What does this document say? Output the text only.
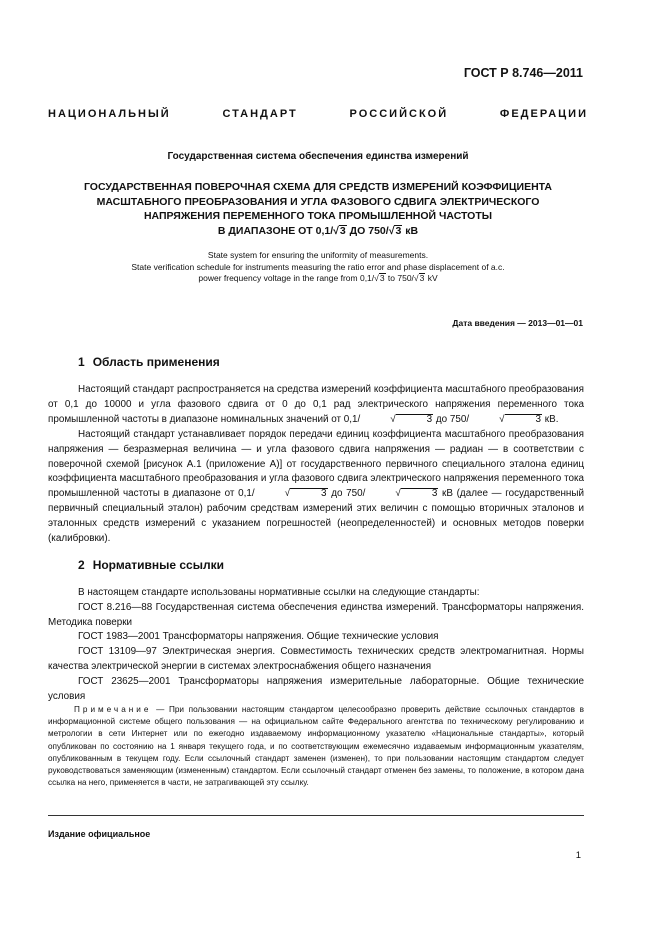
ГОСТ Р 8.746—2011
НАЦИОНАЛЬНЫЙ СТАНДАРТ РОССИЙСКОЙ ФЕДЕРАЦИИ
Государственная система обеспечения единства измерений
ГОСУДАРСТВЕННАЯ ПОВЕРОЧНАЯ СХЕМА ДЛЯ СРЕДСТВ ИЗМЕРЕНИЙ КОЭФФИЦИЕНТА
МАСШТАБНОГО ПРЕОБРАЗОВАНИЯ И УГЛА ФАЗОВОГО СДВИГА ЭЛЕКТРИЧЕСКОГО
НАПРЯЖЕНИЯ ПЕРЕМЕННОГО ТОКА ПРОМЫШЛЕННОЙ ЧАСТОТЫ
В ДИАПАЗОНЕ ОТ 0,1/√3 ДО 750/√3 кВ
State system for ensuring the uniformity of measurements.
State verification schedule for instruments measuring the ratio error and phase displacement of a.c.
power frequency voltage in the range from 0,1/√3 to 750/√3 kV
Дата введения — 2013—01—01
1 Область применения

Настоящий стандарт распространяется на средства измерений коэффициента масштабного преобразования от 0,1 до 10000 и угла фазового сдвига от 0 до 0,1 рад электрического напряжения переменного тока промышленной частоты в диапазоне номинальных значений от 0,1/	√	3 до 750/	√	3 кВ.

Настоящий стандарт устанавливает порядок передачи единиц коэффициента масштабного преобразования напряжения — безразмерная величина — и угла фазового сдвига напряжения — радиан — в соответствии с поверочной схемой [рисунок А.1 (приложение А)] от государственного первичного специального эталона единиц коэффициента масштабного преобразования и угла фазового сдвига электрического напряжения переменного тока промышленной частоты в диапазоне от 0,1/	√	3 до 750/	√	3 кВ (далее — государственный первичный специальный эталон) рабочим средствам измерений этих величин с помощью вторичных эталонов и эталонных средств измерений с указанием погрешностей (неопределенностей) и основных методов поверки (калибровки).

2 Нормативные ссылки

В настоящем стандарте использованы нормативные ссылки на следующие стандарты:

ГОСТ 8.216—88 Государственная система обеспечения единства измерений. Трансформаторы напряжения. Методика поверки

ГОСТ 1983—2001 Трансформаторы напряжения. Общие технические условия

ГОСТ 13109—97 Электрическая энергия. Совместимость технических средств электромагнитная. Нормы качества электрической энергии в системах электроснабжения общего назначения

ГОСТ 23625—2001 Трансформаторы напряжения измерительные лабораторные. Общие технические условия

Примечание — При пользовании настоящим стандартом целесообразно проверить действие ссылочных стандартов в информационной системе общего пользования — на официальном сайте Федерального агентства по техническому регулированию и метрологии в сети Интернет или по ежегодно издаваемому информационному указателю «Национальные стандарты», который опубликован по состоянию на 1 января текущего года, и по соответствующим ежемесячно издаваемым информационным указателям, опубликованным в текущем году. Если ссылочный стандарт заменен (изменен), то при пользовании настоящим стандартом следует руководствоваться заменяющим (измененным) стандартом. Если ссылочный стандарт отменен без замены, то положение, в котором дана ссылка на него, применяется в части, не затрагивающей эту ссылку.
Издание официальное
1
